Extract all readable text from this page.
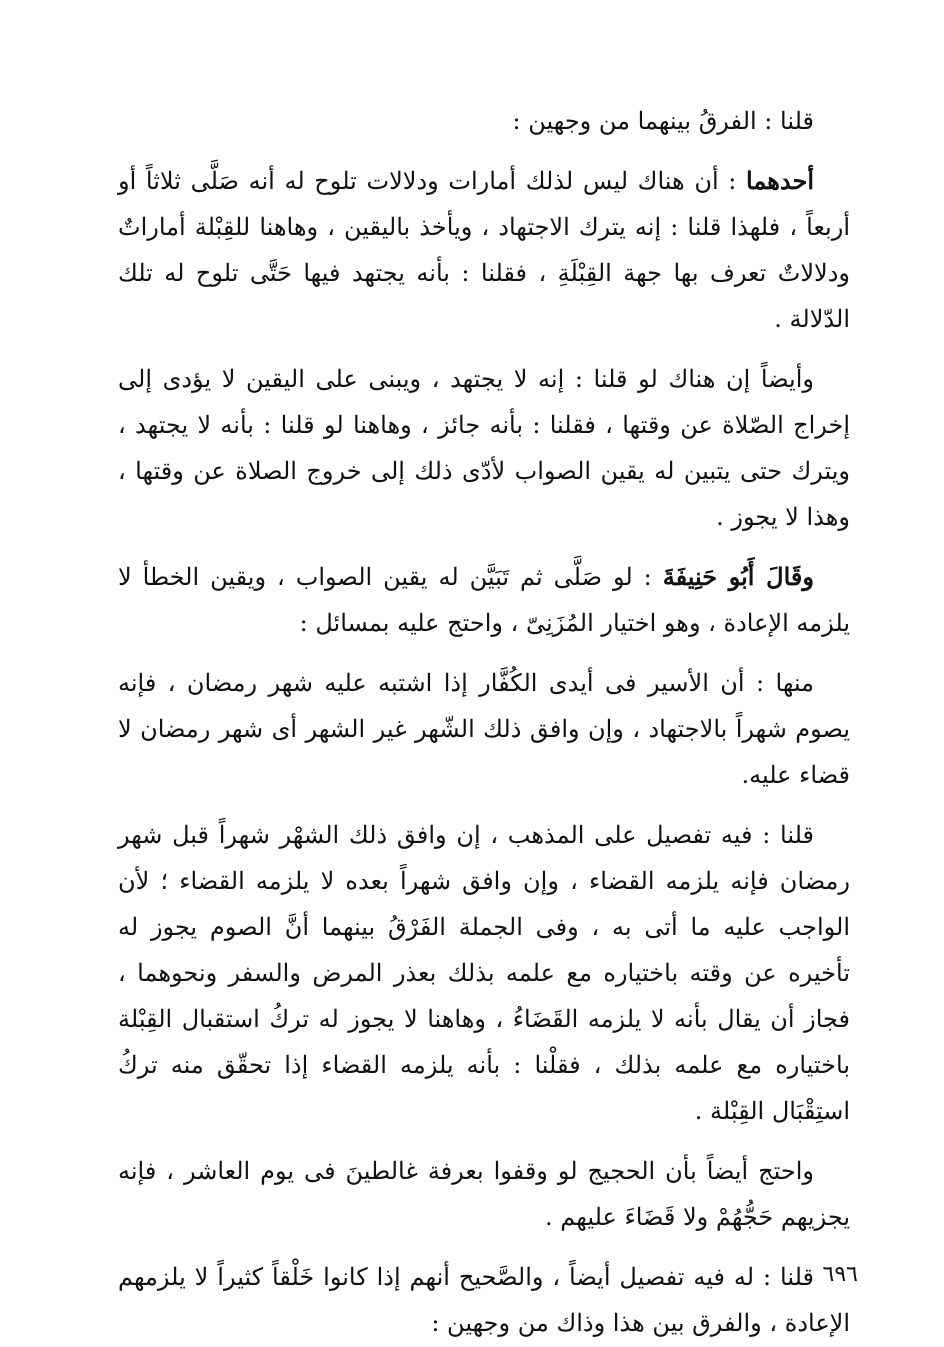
قلنا : الفرقُ بينهما من وجهين :

أحدهما : أن هناك ليس لذلك أمارات ودلالات تلوح له أنه صَلَّى ثلاثاً أو أربعاً ، فلهذا قلنا : إنه يترك الاجتهاد ، ويأخذ باليقين ، وهاهنا للقِبْلة أماراتٌ ودلالاتٌ تعرف بها جهة القِبْلَةِ ، فقلنا : بأنه يجتهد فيها حَتَّى تلوح له تلك الدّلالة .

وأيضاً إن هناك لو قلنا : إنه لا يجتهد ، ويبنى على اليقين لا يؤدى إلى إخراج الصّلاة عن وقتها ، فقلنا : بأنه جائز ، وهاهنا لو قلنا : بأنه لا يجتهد ، ويترك حتى يتبين له يقين الصواب لأدّى ذلك إلى خروج الصلاة عن وقتها ، وهذا لا يجوز .

وقَالَ أَبُو حَنِيفَةَ : لو صَلَّى ثم تَبَيَّن له يقين الصواب ، ويقين الخطأ لا يلزمه الإعادة ، وهو اختيار المُزَنِىّ ، واحتج عليه بمسائل :

منها : أن الأسير فى أيدى الكُفَّار إذا اشتبه عليه شهر رمضان ، فإنه يصوم شهراً بالاجتهاد ، وإن وافق ذلك الشّهر غير الشهر أى شهر رمضان لا قضاء عليه.

قلنا : فيه تفصيل على المذهب ، إن وافق ذلك الشهْر شهراً قبل شهر رمضان فإنه يلزمه القضاء ، وإن وافق شهراً بعده لا يلزمه القضاء ؛ لأن الواجب عليه ما أتى به ، وفى الجملة الفَرْقُ بينهما أنَّ الصوم يجوز له تأخيره عن وقته باختياره مع علمه بذلك بعذر المرض والسفر ونحوهما ، فجاز أن يقال بأنه لا يلزمه القَضَاءُ ، وهاهنا لا يجوز له تركُ استقبال القِبْلة باختياره مع علمه بذلك ، فقلْنا : بأنه يلزمه القضاء إذا تحقّق منه تركُ استِقْبَال القِبْلة .

واحتج أيضاً بأن الحجيج لو وقفوا بعرفة غالطينَ فى يوم العاشر ، فإنه يجزيهم حَجُّهُمْ ولا قَضَاءَ عليهم .

قلنا : له فيه تفصيل أيضاً ، والصَّحيح أنهم إذا كانوا خَلْقاً كثيراً لا يلزمهم الإعادة ، والفرق بين هذا وذاك من وجهين :

٦٩٦
